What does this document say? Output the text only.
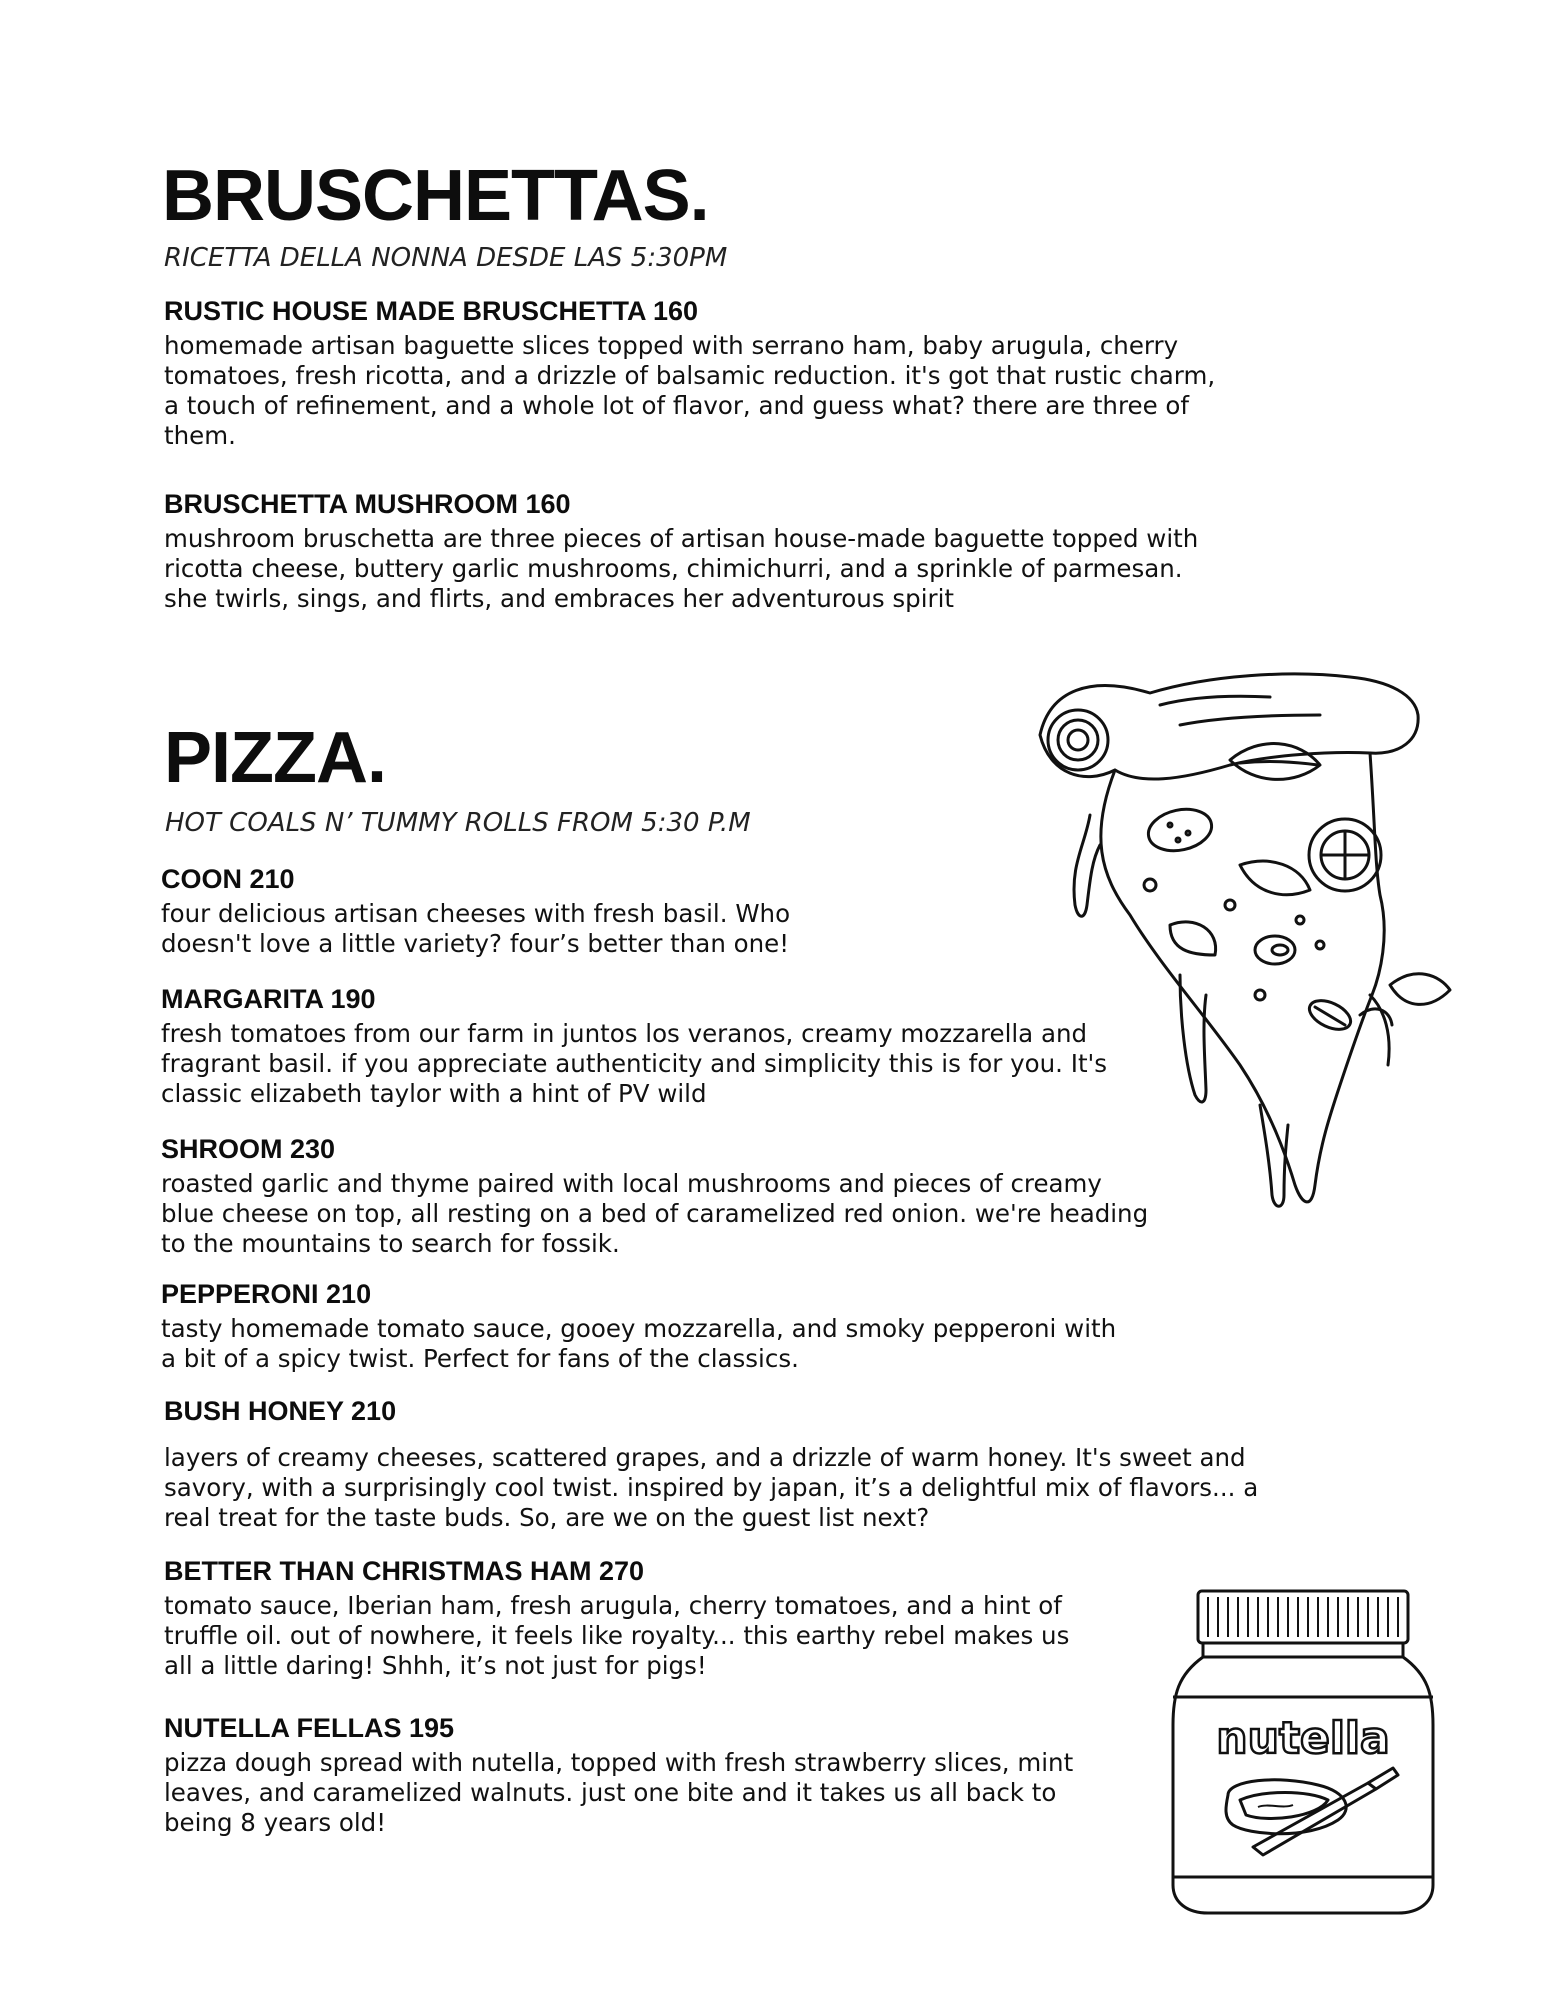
BRUSCHETTAS.

RICETTA DELLA NONNA DESDE LAS 5:30PM

RUSTIC HOUSE MADE BRUSCHETTA 160

homemade artisan baguette slices topped with serrano ham, baby arugula, cherry tomatoes, fresh ricotta, and a drizzle of balsamic reduction. it's got that rustic charm, a touch of refinement, and a whole lot of flavor, and guess what? there are three of them.

BRUSCHETTA MUSHROOM 160

mushroom bruschetta are three pieces of artisan house-made baguette topped with ricotta cheese, buttery garlic mushrooms, chimichurri, and a sprinkle of parmesan. she twirls, sings, and flirts, and embraces her adventurous spirit

PIZZA.

HOT COALS N’ TUMMY ROLLS FROM 5:30 P.M

COON 210

four delicious artisan cheeses with fresh basil. Who doesn't love a little variety? four’s better than one!

MARGARITA 190

fresh tomatoes from our farm in juntos los veranos, creamy mozzarella and fragrant basil. if you appreciate authenticity and simplicity this is for you. It's classic elizabeth taylor with a hint of PV wild

SHROOM 230

roasted garlic and thyme paired with local mushrooms and pieces of creamy blue cheese on top, all resting on a bed of caramelized red onion. we're heading to the mountains to search for fossik.

PEPPERONI 210

tasty homemade tomato sauce, gooey mozzarella, and smoky pepperoni with a bit of a spicy twist. Perfect for fans of the classics.

BUSH HONEY 210

layers of creamy cheeses, scattered grapes, and a drizzle of warm honey. It's sweet and savory, with a surprisingly cool twist. inspired by japan, it’s a delightful mix of flavors... a real treat for the taste buds. So, are we on the guest list next?

BETTER THAN CHRISTMAS HAM 270

tomato sauce, Iberian ham, fresh arugula, cherry tomatoes, and a hint of truffle oil. out of nowhere, it feels like royalty... this earthy rebel makes us all a little daring! Shhh, it’s not just for pigs!

NUTELLA FELLAS 195

pizza dough spread with nutella, topped with fresh strawberry slices, mint leaves, and caramelized walnuts. just one bite and it takes us all back to being 8 years old!

nutella
